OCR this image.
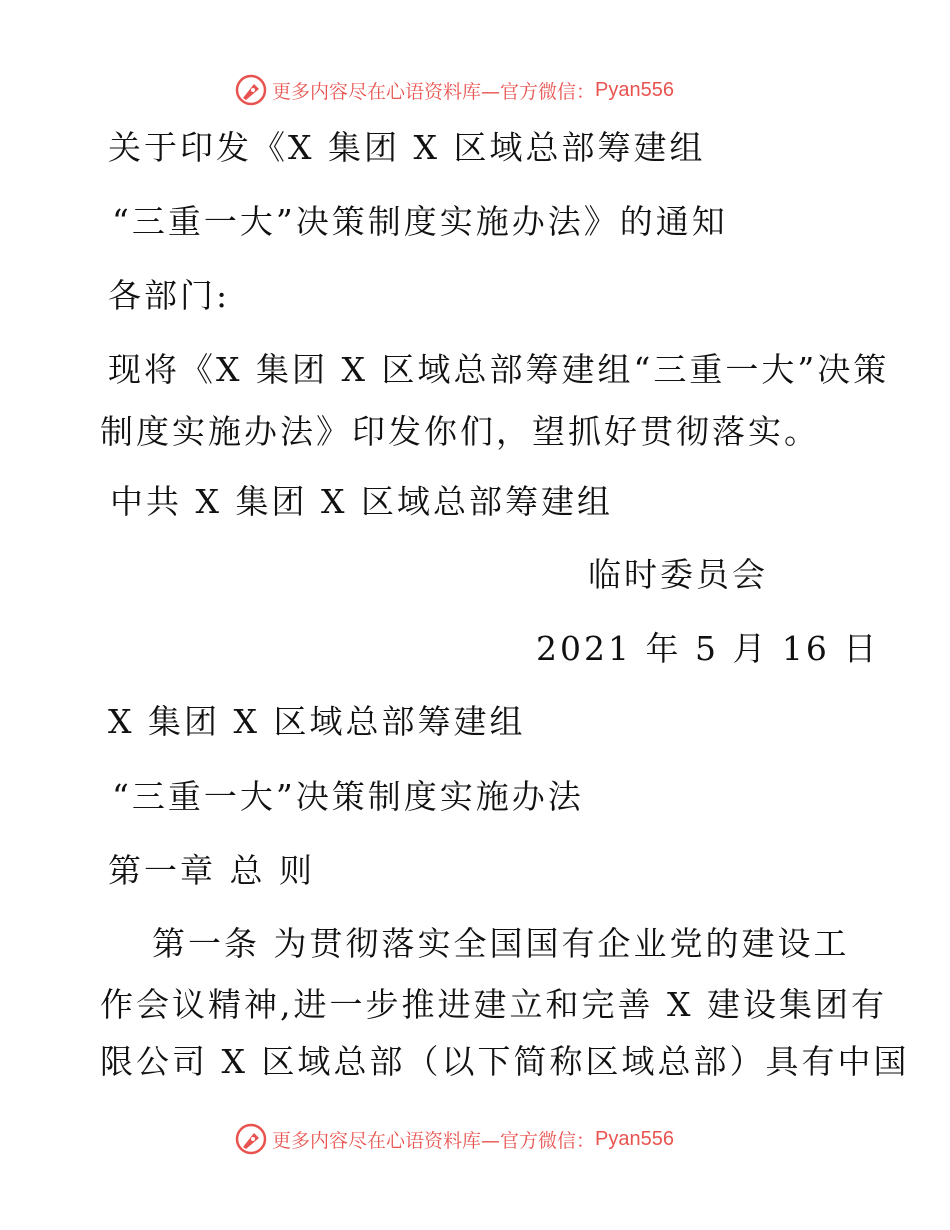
更多内容尽在心语资料库—官方微信： Pyan556
关于印发《X 集团 X 区域总部筹建组
“三重一大”决策制度实施办法》的通知
各部门:
现将《X 集团 X 区域总部筹建组“三重一大”决策
制度实施办法》印发你们，望抓好贯彻落实。
中共 X 集团 X 区域总部筹建组
临时委员会
2021 年 5 月 16 日
X 集团 X 区域总部筹建组
“三重一大”决策制度实施办法
第一章 总 则
第一条 为贯彻落实全国国有企业党的建设工
作会议精神,进一步推进建立和完善 X 建设集团有
限公司 X 区域总部（以下简称区域总部）具有中国
更多内容尽在心语资料库—官方微信： Pyan556
